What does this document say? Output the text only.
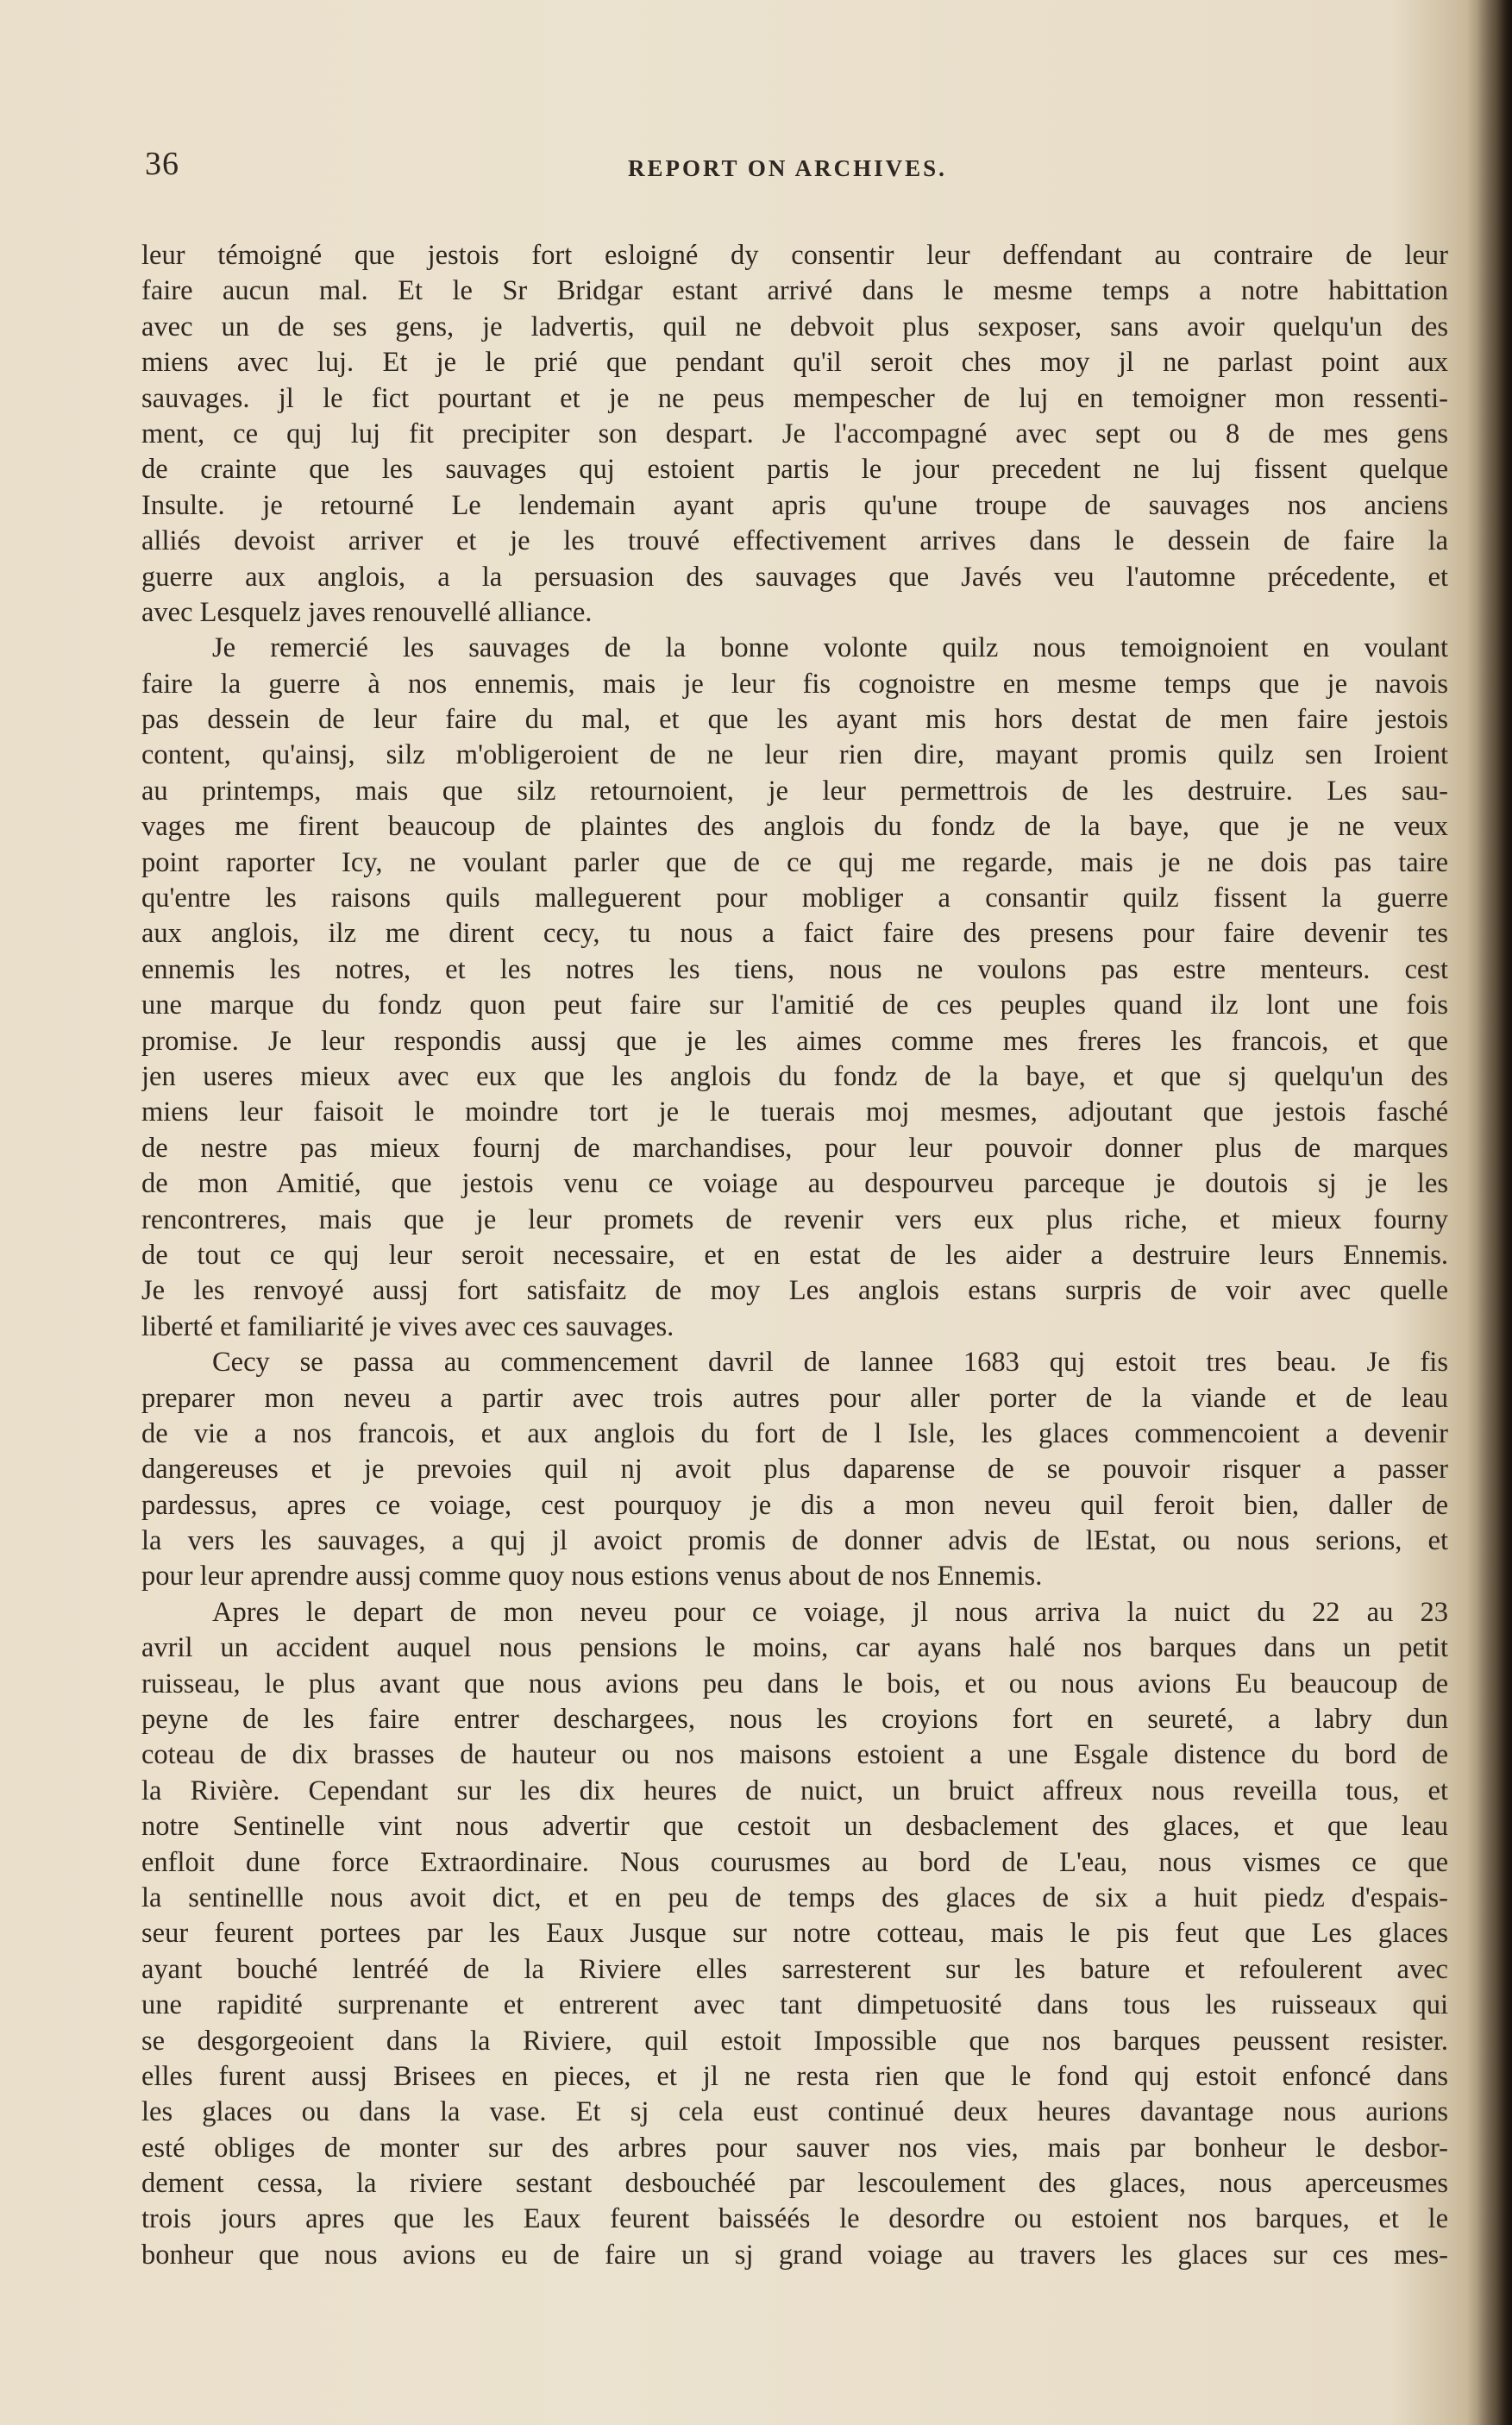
36	REPORT ON ARCHIVES.
leur témoigné que jestois fort esloigné dy consentir leur deffendant au contraire de leur
faire aucun mal. Et le Sr Bridgar estant arrivé dans le mesme temps a notre habittation
avec un de ses gens, je ladvertis, quil ne debvoit plus sexposer, sans avoir quelqu'un des
miens avec luj. Et je le prié que pendant qu'il seroit ches moy jl ne parlast point aux
sauvages. jl le fict pourtant et je ne peus mempescher de luj en temoigner mon ressenti-
ment, ce quj luj fit precipiter son despart. Je l'accompagné avec sept ou 8 de mes gens
de crainte que les sauvages quj estoient partis le jour precedent ne luj fissent quelque
Insulte. je retourné Le lendemain ayant apris qu'une troupe de sauvages nos anciens
alliés devoist arriver et je les trouvé effectivement arrives dans le dessein de faire la
guerre aux anglois, a la persuasion des sauvages que Javés veu l'automne précedente, et
avec Lesquelz javes renouvellé alliance.
Je remercié les sauvages de la bonne volonte quilz nous temoignoient en voulant
faire la guerre à nos ennemis, mais je leur fis cognoistre en mesme temps que je navois
pas dessein de leur faire du mal, et que les ayant mis hors destat de men faire jestois
content, qu'ainsj, silz m'obligeroient de ne leur rien dire, mayant promis quilz sen Iroient
au printemps, mais que silz retournoient, je leur permettrois de les destruire. Les sau-
vages me firent beaucoup de plaintes des anglois du fondz de la baye, que je ne veux
point raporter Icy, ne voulant parler que de ce quj me regarde, mais je ne dois pas taire
qu'entre les raisons quils malleguerent pour mobliger a consantir quilz fissent la guerre
aux anglois, ilz me dirent cecy, tu nous a faict faire des presens pour faire devenir tes
ennemis les notres, et les notres les tiens, nous ne voulons pas estre menteurs. cest
une marque du fondz quon peut faire sur l'amitié de ces peuples quand ilz lont une fois
promise. Je leur respondis aussj que je les aimes comme mes freres les francois, et que
jen useres mieux avec eux que les anglois du fondz de la baye, et que sj quelqu'un des
miens leur faisoit le moindre tort je le tuerais moj mesmes, adjoutant que jestois fasché
de nestre pas mieux fournj de marchandises, pour leur pouvoir donner plus de marques
de mon Amitié, que jestois venu ce voiage au despourveu parceque je doutois sj je les
rencontreres, mais que je leur promets de revenir vers eux plus riche, et mieux fourny
de tout ce quj leur seroit necessaire, et en estat de les aider a destruire leurs Ennemis.
Je les renvoyé aussj fort satisfaitz de moy Les anglois estans surpris de voir avec quelle
liberté et familiarité je vives avec ces sauvages.
Cecy se passa au commencement davril de lannee 1683 quj estoit tres beau. Je fis
preparer mon neveu a partir avec trois autres pour aller porter de la viande et de leau
de vie a nos francois, et aux anglois du fort de l Isle, les glaces commencoient a devenir
dangereuses et je prevoies quil nj avoit plus daparense de se pouvoir risquer a passer
pardessus, apres ce voiage, cest pourquoy je dis a mon neveu quil feroit bien, daller de
la vers les sauvages, a quj jl avoict promis de donner advis de lEstat, ou nous serions, et
pour leur aprendre aussj comme quoy nous estions venus about de nos Ennemis.
Apres le depart de mon neveu pour ce voiage, jl nous arriva la nuict du 22 au 23
avril un accident auquel nous pensions le moins, car ayans halé nos barques dans un petit
ruisseau, le plus avant que nous avions peu dans le bois, et ou nous avions Eu beaucoup de
peyne de les faire entrer deschargees, nous les croyions fort en seureté, a labry dun
coteau de dix brasses de hauteur ou nos maisons estoient a une Esgale distence du bord de
la Rivière. Cependant sur les dix heures de nuict, un bruict affreux nous reveilla tous, et
notre Sentinelle vint nous advertir que cestoit un desbaclement des glaces, et que leau
enfloit dune force Extraordinaire. Nous courusmes au bord de L'eau, nous vismes ce que
la sentinellle nous avoit dict, et en peu de temps des glaces de six a huit piedz d'espais-
seur feurent portees par les Eaux Jusque sur notre cotteau, mais le pis feut que Les glaces
ayant bouché lentréé de la Riviere elles sarresterent sur les bature et refoulerent avec
une rapidité surprenante et entrerent avec tant dimpetuosité dans tous les ruisseaux qui
se desgorgeoient dans la Riviere, quil estoit Impossible que nos barques peussent resister.
elles furent aussj Brisees en pieces, et jl ne resta rien que le fond quj estoit enfoncé dans
les glaces ou dans la vase. Et sj cela eust continué deux heures davantage nous aurions
esté obliges de monter sur des arbres pour sauver nos vies, mais par bonheur le desbor-
dement cessa, la riviere sestant desbouchéé par lescoulement des glaces, nous aperceusmes
trois jours apres que les Eaux feurent baisséés le desordre ou estoient nos barques, et le
bonheur que nous avions eu de faire un sj grand voiage au travers les glaces sur ces mes-
